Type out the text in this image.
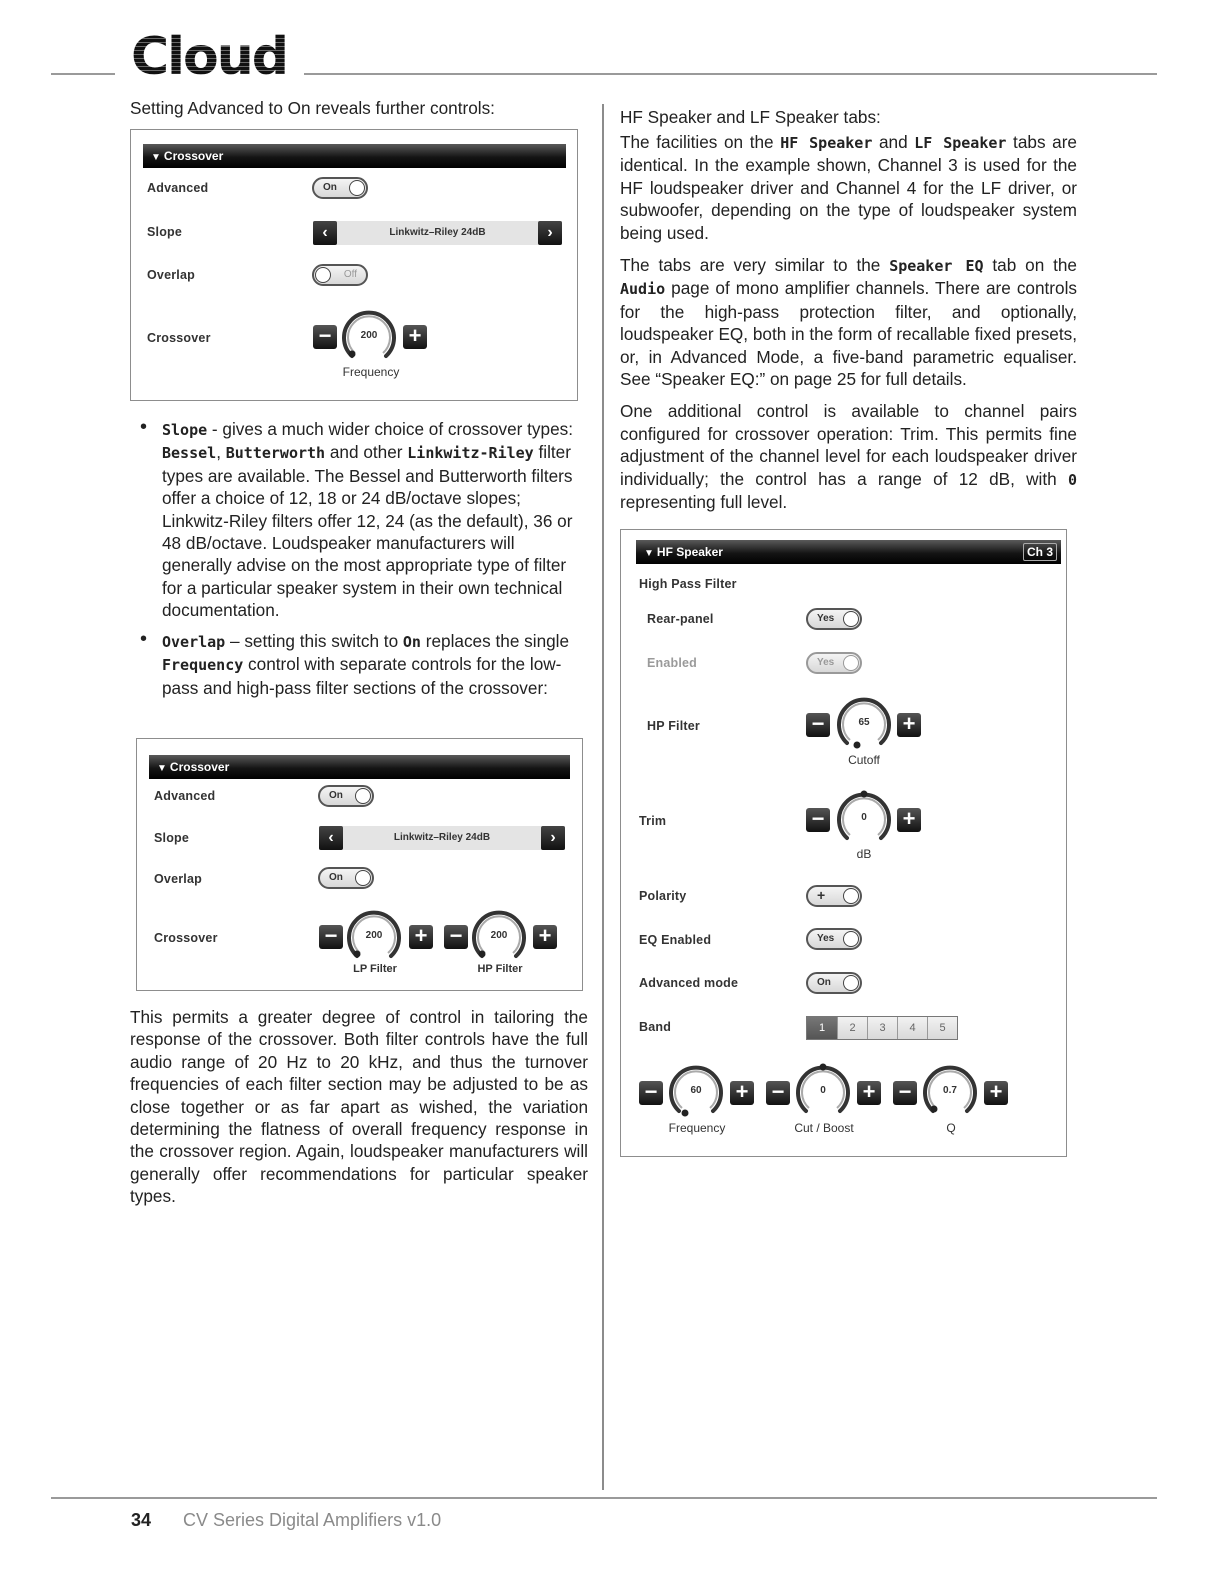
Cloud
Setting Advanced to On reveals further controls:
▼ Crossover
Advanced	On
Slope	‹	Linkwitz–Riley 24dB	›
Overlap	Off
Crossover	−	200	+
Frequency
• Slope - gives a much wider choice of crossover types: Bessel, Butterworth and other Linkwitz-Riley filter types are available. The Bessel and Butterworth filters offer a choice of 12, 18 or 24 dB/octave slopes; Linkwitz-Riley filters offer 12, 24 (as the default), 36 or 48 dB/octave. Loudspeaker manufacturers will generally advise on the most appropriate type of filter for a particular speaker system in their own technical documentation.
• Overlap – setting this switch to On replaces the single Frequency control with separate controls for the low-pass and high-pass filter sections of the crossover:
▼ Crossover
Advanced	On
Slope	‹	Linkwitz–Riley 24dB	›
Overlap	On
Crossover	−	200	+
LP Filter
−	200	+
HP Filter
This permits a greater degree of control in tailoring the response of the crossover. Both filter controls have the full audio range of 20 Hz to 20 kHz, and thus the turnover frequencies of each filter section may be adjusted to be as close together or as far apart as wished, the variation determining the flatness of overall frequency response in the crossover region. Again, loudspeaker manufacturers will generally offer recommendations for particular speaker types.
HF Speaker and LF Speaker tabs:

The facilities on the HF Speaker and LF Speaker tabs are identical. In the example shown, Channel 3 is used for the HF loudspeaker driver and Channel 4 for the LF driver, or subwoofer, depending on the type of loudspeaker system being used.

The tabs are very similar to the Speaker EQ tab on the Audio page of mono amplifier channels. There are controls for the high-pass protection filter, and optionally, loudspeaker EQ, both in the form of recallable fixed presets, or, in Advanced Mode, a five-band parametric equaliser. See “Speaker EQ:” on page 25 for full details.

One additional control is available to channel pairs configured for crossover operation: Trim. This permits fine adjustment of the channel level for each loudspeaker driver individually; the control has a range of 12 dB, with 0 representing full level.

▼ HF Speaker	Ch 3
High Pass Filter
Rear-panel	Yes
Enabled	Yes
HP Filter	−	65	+
Cutoff
Trim	−	0	+
dB
Polarity	+
EQ Enabled	Yes
Advanced mode	On
Band	1	2	3	4	5
−	60	+
Frequency
−	0	+
Cut / Boost
−	0.7	+
Q
34 CV Series Digital Amplifiers v1.0
